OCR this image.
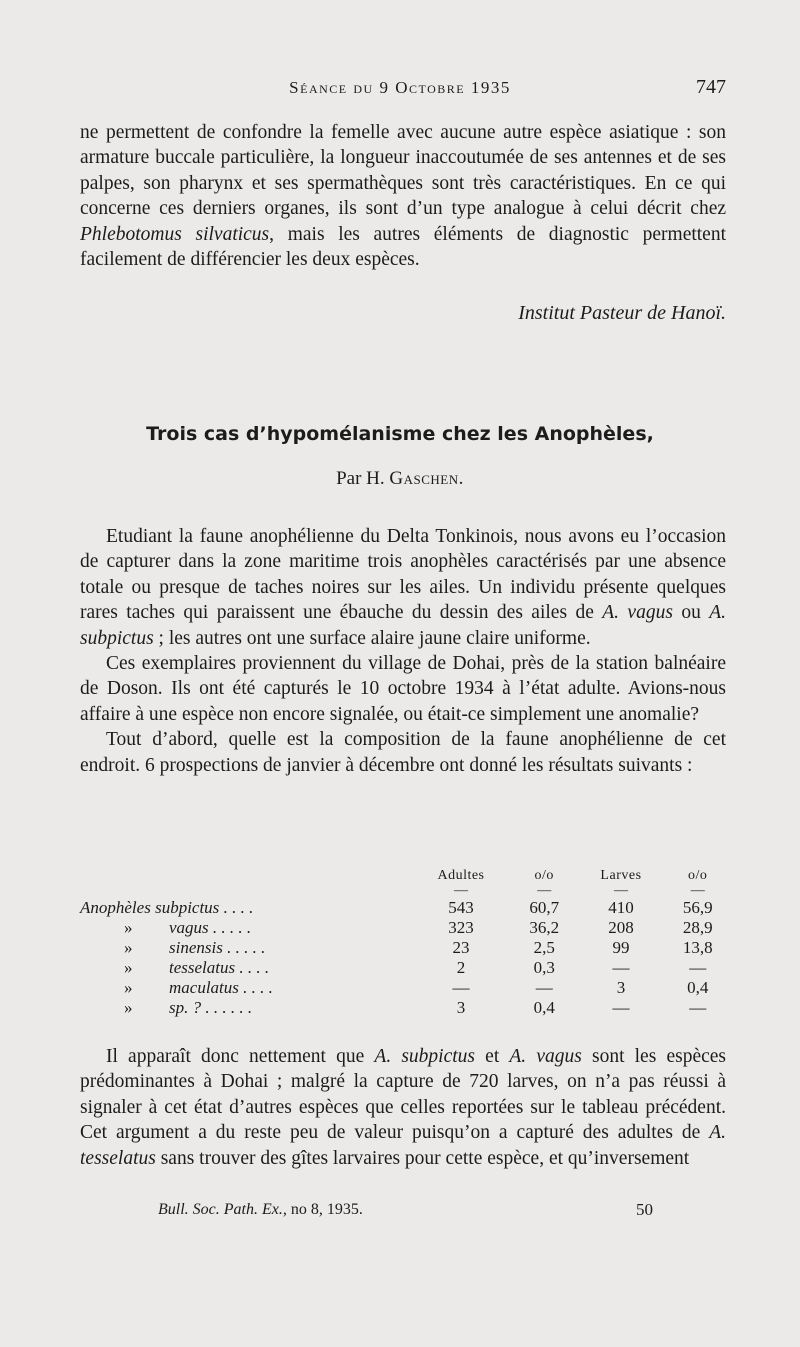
Séance du 9 Octobre 1935	747

ne permettent de confondre la femelle avec aucune autre espèce asiatique : son armature buccale particulière, la longueur inaccoutumée de ses antennes et de ses palpes, son pharynx et ses spermathèques sont très caractéristiques. En ce qui concerne ces derniers organes, ils sont d’un type analogue à celui décrit chez Phlebotomus silvaticus, mais les autres éléments de diagnostic permettent facilement de différencier les deux espèces.

Institut Pasteur de Hanoï.
Trois cas d’hypomélanisme chez les Anophèles,
Par H. Gaschen.

Etudiant la faune anophélienne du Delta Tonkinois, nous avons eu l’occasion de capturer dans la zone maritime trois anophèles caractérisés par une absence totale ou presque de taches noires sur les ailes. Un individu présente quelques rares taches qui paraissent une ébauche du dessin des ailes de A. vagus ou A. subpictus ; les autres ont une surface alaire jaune claire uniforme.

Ces exemplaires proviennent du village de Dohai, près de la station balnéaire de Doson. Ils ont été capturés le 10 octobre 1934 à l’état adulte. Avions-nous affaire à une espèce non encore signalée, ou était-ce simplement une anomalie?

Tout d’abord, quelle est la composition de la faune anophélienne de cet endroit. 6 prospections de janvier à décembre ont donné les résultats suivants :

	Adultes	o/o	Larves	o/o
	—	—	—	—
Anophèles subpictus . . . .	543	60,7	410	56,9
» vagus . . . . .	323	36,2	208	28,9
» sinensis . . . . .	23	2,5	99	13,8
» tesselatus . . . .	2	0,3	—	—
» maculatus . . . .	—	—	3	0,4
» sp. ? . . . . . .	3	0,4	—	—

Il apparaît donc nettement que A. subpictus et A. vagus sont les espèces prédominantes à Dohai ; malgré la capture de 720 larves, on n’a pas réussi à signaler à cet état d’autres espèces que celles reportées sur le tableau précédent. Cet argument a du reste peu de valeur puisqu’on a capturé des adultes de A. tesselatus sans trouver des gîtes larvaires pour cette espèce, et qu’inversement

Bull. Soc. Path. Ex., no 8, 1935.	50
